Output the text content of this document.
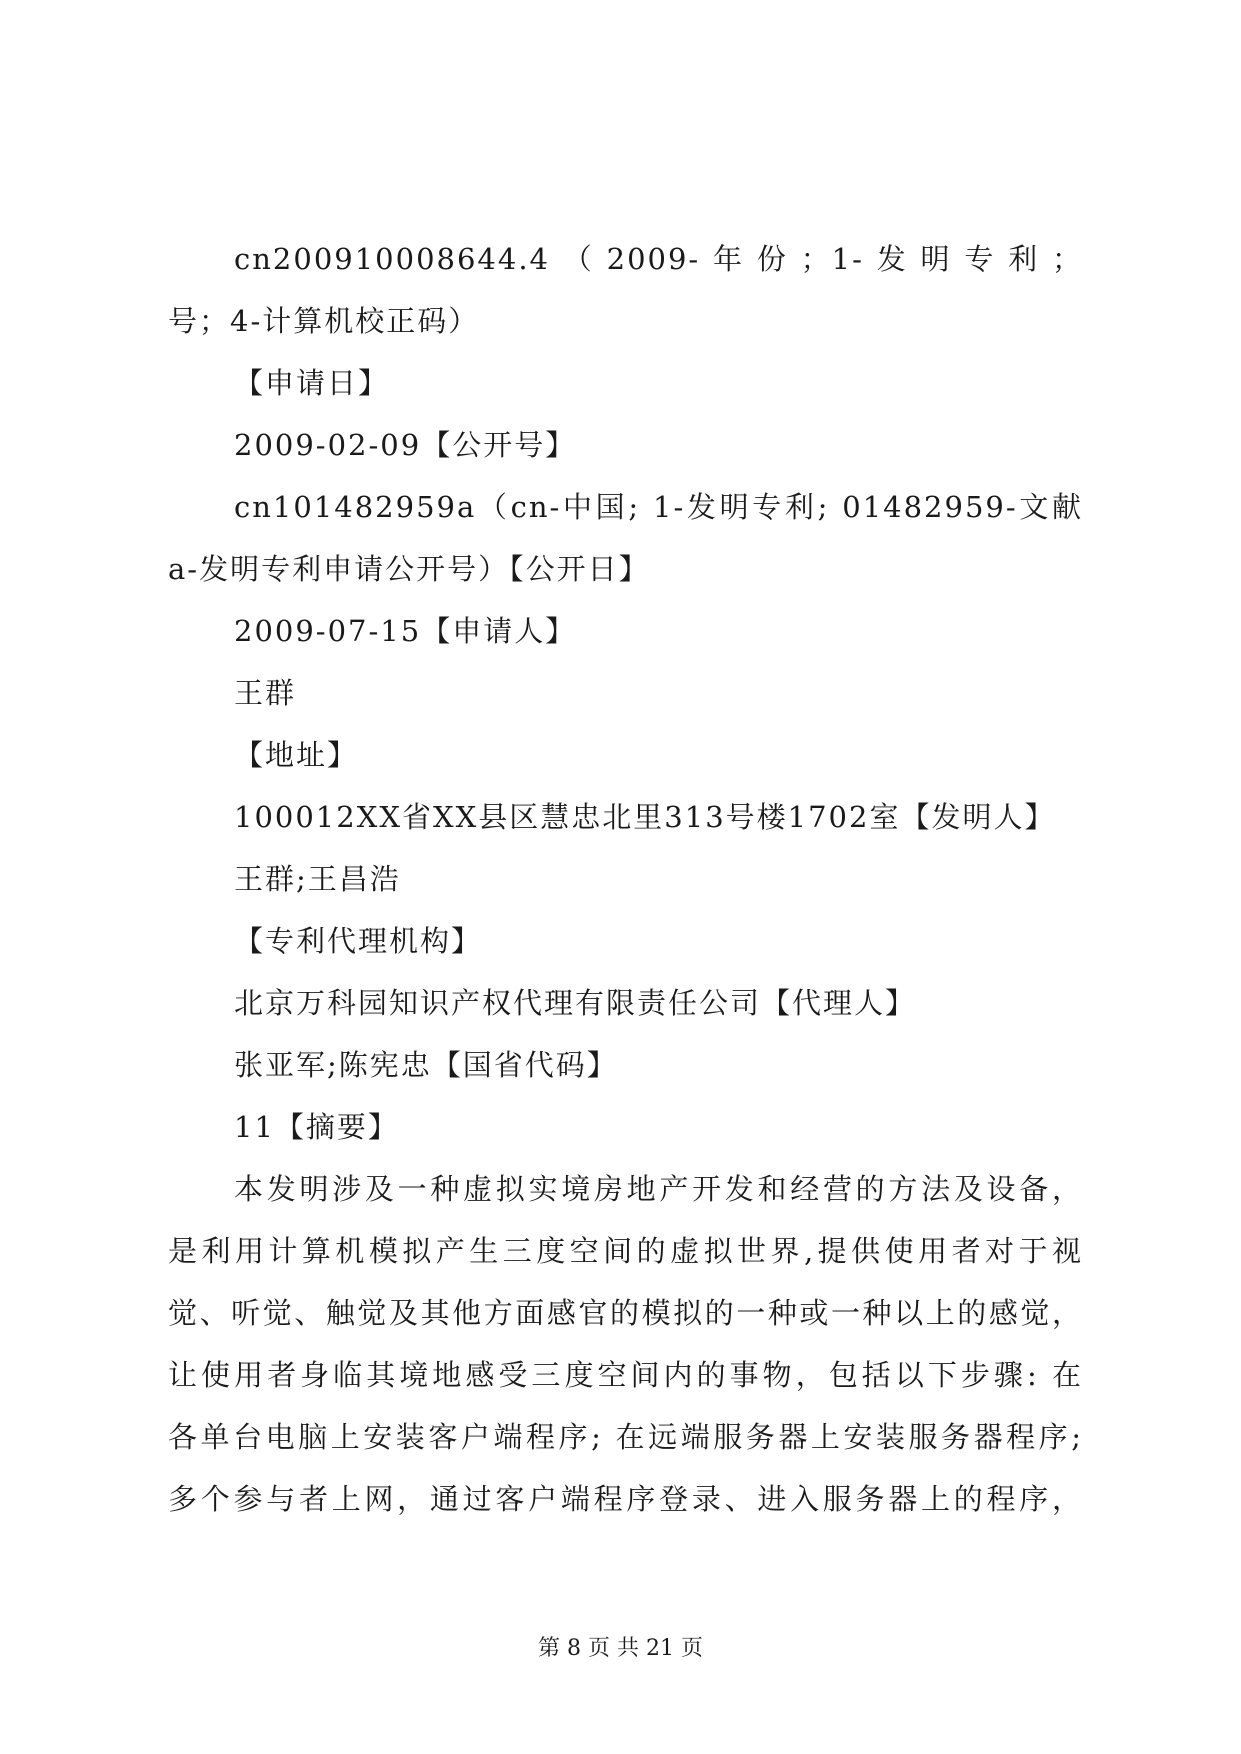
cn200910008644.4（2009-年份；1-发明专利；
号；4-计算机校正码）
【申请日】
2009-02-09【公开号】
cn101482959a（cn-中国; 1-发明专利; 01482959-文献
a-发明专利申请公开号）【公开日】
2009-07-15【申请人】
王群
【地址】
100012XX省XX县区慧忠北里313号楼1702室【发明人】
王群;王昌浩
【专利代理机构】
北京万科园知识产权代理有限责任公司【代理人】
张亚军;陈宪忠【国省代码】
11【摘要】
本发明涉及一种虚拟实境房地产开发和经营的方法及设备，
是利用计算机模拟产生三度空间的虚拟世界,提供使用者对于视
觉、听觉、触觉及其他方面感官的模拟的一种或一种以上的感觉，
让使用者身临其境地感受三度空间内的事物，包括以下步骤: 在
各单台电脑上安装客户端程序; 在远端服务器上安装服务器程序;
多个参与者上网，通过客户端程序登录、进入服务器上的程序，
第 8 页 共 21 页
